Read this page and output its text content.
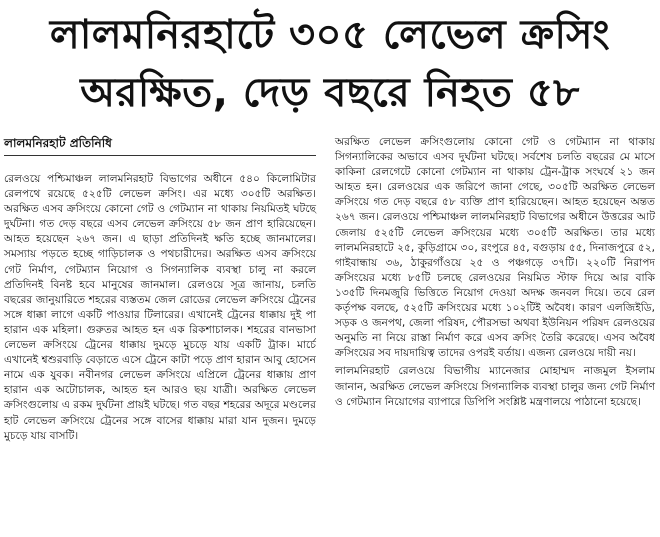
লালমনিরহাটে ৩০৫ লেভেল ক্রসিং
অরক্ষিত, দেড় বছরে নিহত ৫৮
লালমনিরহাট প্রতিনিধি

রেলওয়ে পশ্চিমাঞ্চল লালমনিরহাট বিভাগের অধীনে ৫৪০ কিলোমিটার রেলপথে রয়েছে ৫২৫টি লেভেল ক্রসিং। এর মধ্যে ৩০৫টি অরক্ষিত। অরক্ষিত এসব ক্রসিংয়ে কোনো গেট ও গেটম্যান না থাকায় নিয়মিতই ঘটছে দুর্ঘটনা। গত দেড় বছরে এসব লেভেল ক্রসিংয়ে ৫৮ জন প্রাণ হারিয়েছেন। আহত হয়েছেন ২৬৭ জন। এ ছাড়া প্রতিদিনই ক্ষতি হচ্ছে জানমালের। সমস্যায় পড়তে হচ্ছে গাড়িচালক ও পথচারীদের। অরক্ষিত এসব ক্রসিংয়ে গেট নির্মাণ, গেটম্যান নিয়োগ ও সিগন্যালিক ব্যবস্থা চালু না করলে প্রতিদিনই বিনষ্ট হবে মানুষের জানমাল। রেলওয়ে সূত্র জানায়, চলতি বছরের জানুয়ারিতে শহরের ব্যস্ততম জেল রোডের লেভেল ক্রসিংয়ে ট্রেনের সঙ্গে ধাক্কা লাগে একটি পাওয়ার টিলারের। এখানেই ট্রেনের ধাক্কায় দুই পা হারান এক মহিলা। গুরুতর আহত হন এক রিকশাচালক। শহরের বানভাসা লেভেল ক্রসিংয়ে ট্রেনের ধাক্কায় দুমড়ে মুচড়ে যায় একটি ট্রাক। মার্চে এখানেই শ্বশুরবাড়ি বেড়াতে এসে ট্রেনে কাটা পড়ে প্রাণ হারান আবু হোসেন নামে এক যুবক। নবীনগর লেভেল ক্রসিংয়ে এপ্রিলে ট্রেনের ধাক্কায় প্রাণ হারান এক অটোচালক, আহত হন আরও ছয় যাত্রী। অরক্ষিত লেভেল ক্রসিংগুলোয় এ রকম দুর্ঘটনা প্রায়ই ঘটছে। গত বছর শহরের অদূরে মণ্ডলের হাট লেভেল ক্রসিংয়ে ট্রেনের সঙ্গে বাসের ধাক্কায় মারা যান দুজন। দুমড়ে মুচড়ে যায় বাসটি।

অরক্ষিত লেভেল ক্রসিংগুলোয় কোনো গেট ও গেটম্যান না থাকায় সিগন্যালিকের অভাবে এসব দুর্ঘটনা ঘটছে। সর্বশেষ চলতি বছরের মে মাসে কাকিনা রেলগেটে কোনো গেটম্যান না থাকায় ট্রেন-ট্রাক সংঘর্ষে ২১ জন আহত হন। রেলওয়ের এক জরিপে জানা গেছে, ৩০৫টি অরক্ষিত লেভেল ক্রসিংয়ে গত দেড় বছরে ৫৮ ব্যক্তি প্রাণ হারিয়েছেন। আহত হয়েছেন অন্তত ২৬৭ জন। রেলওয়ে পশ্চিমাঞ্চল লালমনিরহাট বিভাগের অধীনে উত্তরের আট জেলায় ৫২৫টি লেভেল ক্রসিংয়ের মধ্যে ৩০৫টি অরক্ষিত। তার মধ্যে লালমনিরহাটে ২৫, কুড়িগ্রামে ৩০, রংপুরে ৪৫, বগুড়ায় ৫৫, দিনাজপুরে ৫২, গাইবান্ধায় ৩৬, ঠাকুরগাঁওয়ে ২৫ ও পঞ্চগড়ে ৩৭টি। ২২০টি নিরাপদ ক্রসিংয়ের মধ্যে ৮৫টি চলছে রেলওয়ের নিয়মিত স্টাফ দিয়ে আর বাকি ১৩৫টি দিনমজুরি ভিত্তিতে নিয়োগ দেওয়া অদক্ষ জনবল দিয়ে। তবে রেল কর্তৃপক্ষ বলছে, ৫২৫টি ক্রসিংয়ের মধ্যে ১০২টিই অবৈধ। কারণ এলজিইডি, সড়ক ও জনপথ, জেলা পরিষদ, পৌরসভা অথবা ইউনিয়ন পরিষদ রেলওয়ের অনুমতি না নিয়ে রাস্তা নির্মাণ করে এসব ক্রসিং তৈরি করেছে। এসব অবৈধ ক্রসিংয়ের সব দায়দায়িত্ব তাদের ওপরই বর্তায়। এজন্য রেলওয়ে দায়ী নয়।

লালমনিরহাট রেলওয়ে বিভাগীয় ম্যানেজার মোহাম্মদ নাজমুল ইসলাম জানান, অরক্ষিত লেভেল ক্রসিংয়ে সিগন্যালিক ব্যবস্থা চালুর জন্য গেট নির্মাণ ও গেটম্যান নিয়োগের ব্যাপারে ডিপিপি সংশ্লিষ্ট মন্ত্রণালয়ে পাঠানো হয়েছে।
